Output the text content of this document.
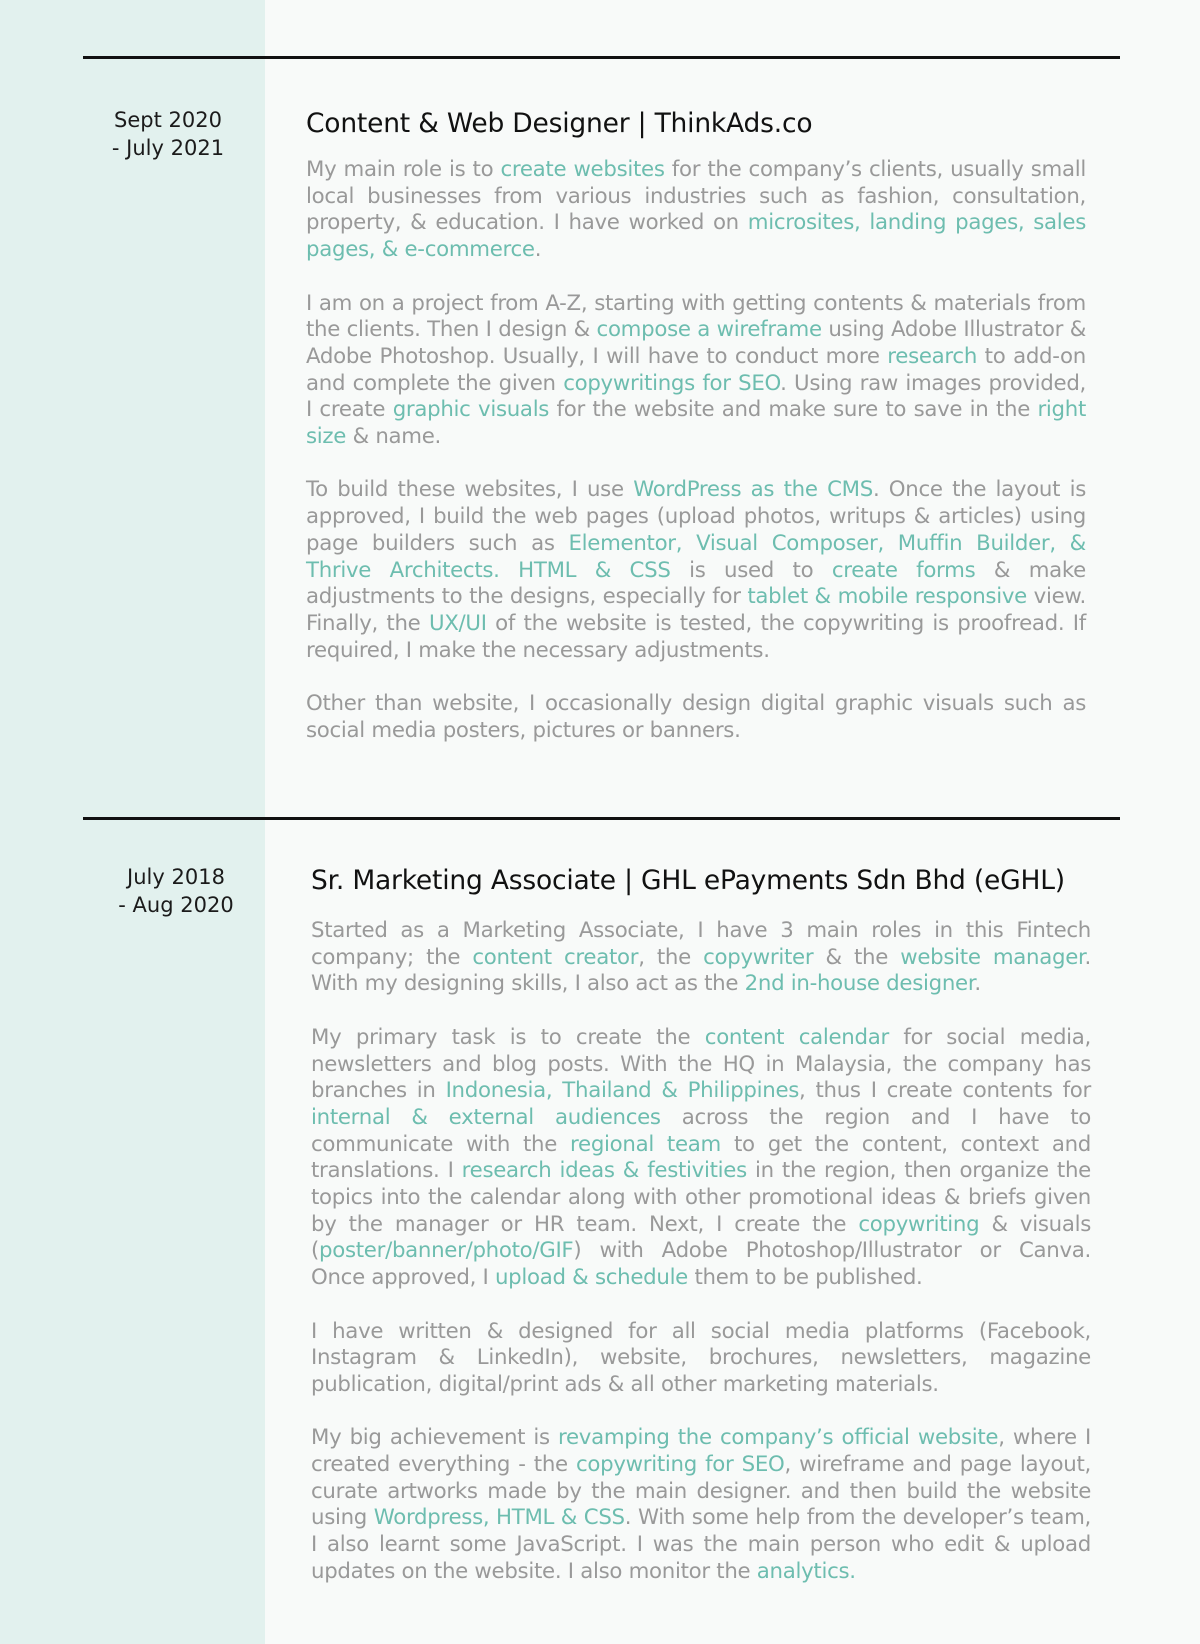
Sept 2020
- July 2021
Content & Web Designer | ThinkAds.co

My main role is to create websites for the company’s clients, usually small local businesses from various industries such as fashion, consultation, property, & education. I have worked on microsites, landing pages, sales pages, & e-commerce.

I am on a project from A-Z, starting with getting contents & materials from the clients. Then I design & compose a wireframe using Adobe Illustrator & Adobe Photoshop. Usually, I will have to conduct more research to add-on and complete the given copywritings for SEO. Using raw images provided, I create graphic visuals for the website and make sure to save in the right size & name.

To build these websites, I use WordPress as the CMS. Once the layout is approved, I build the web pages (upload photos, writups & articles) using page builders such as Elementor, Visual Composer, Muffin Builder, & Thrive Architects. HTML & CSS is used to create forms & make adjustments to the designs, especially for tablet & mobile responsive view. Finally, the UX/UI of the website is tested, the copywriting is proofread. If required, I make the necessary adjustments.

Other than website, I occasionally design digital graphic visuals such as social media posters, pictures or banners.

July 2018
- Aug 2020
Sr. Marketing Associate | GHL ePayments Sdn Bhd (eGHL)

Started as a Marketing Associate, I have 3 main roles in this Fintech company; the content creator, the copywriter & the website manager. With my designing skills, I also act as the 2nd in-house designer.

My primary task is to create the content calendar for social media, newsletters and blog posts. With the HQ in Malaysia, the company has branches in Indonesia, Thailand & Philippines, thus I create contents for internal & external audiences across the region and I have to communicate with the regional team to get the content, context and translations. I research ideas & festivities in the region, then organize the topics into the calendar along with other promotional ideas & briefs given by the manager or HR team. Next, I create the copywriting & visuals (poster/banner/photo/GIF) with Adobe Photoshop/Illustrator or Canva. Once approved, I upload & schedule them to be published.

I have written & designed for all social media platforms (Facebook, Instagram & LinkedIn), website, brochures, newsletters, magazine publication, digital/print ads & all other marketing materials.

My big achievement is revamping the company’s official website, where I created everything - the copywriting for SEO, wireframe and page layout, curate artworks made by the main designer. and then build the website using Wordpress, HTML & CSS. With some help from the developer’s team, I also learnt some JavaScript. I was the main person who edit & upload updates on the website. I also monitor the analytics.
